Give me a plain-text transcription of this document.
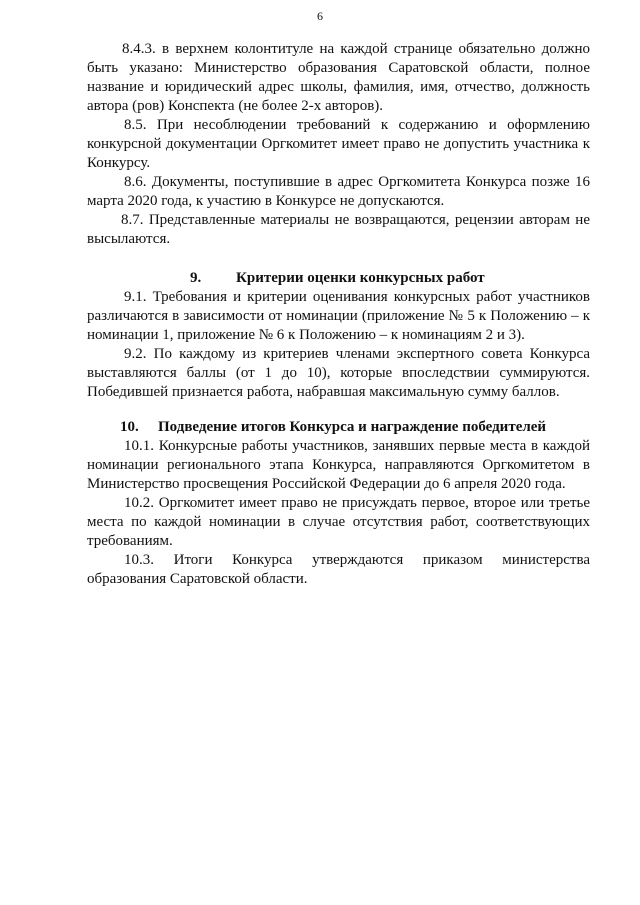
6

8.4.3. в верхнем колонтитуле на каждой странице обязательно должно быть указано: Министерство образования Саратовской области, полное название и юридический адрес школы, фамилия, имя, отчество, должность автора (ров) Конспекта (не более 2-х авторов).

8.5. При несоблюдении требований к содержанию и оформлению конкурсной документации Оргкомитет имеет право не допустить участника к Конкурсу.

8.6. Документы, поступившие в адрес Оргкомитета Конкурса позже 16 марта 2020 года, к участию в Конкурсе не допускаются.

8.7. Представленные материалы не возвращаются, рецензии авторам не высылаются.

9. Критерии оценки конкурсных работ

9.1. Требования и критерии оценивания конкурсных работ участников различаются в зависимости от номинации (приложение № 5 к Положению – к номинации 1, приложение № 6 к Положению – к номинациям 2 и 3).

9.2. По каждому из критериев членами экспертного совета Конкурса выставляются баллы (от 1 до 10), которые впоследствии суммируются. Победившей признается работа, набравшая максимальную сумму баллов.

10. Подведение итогов Конкурса и награждение победителей

10.1. Конкурсные работы участников, занявших первые места в каждой номинации регионального этапа Конкурса, направляются Оргкомитетом в Министерство просвещения Российской Федерации до 6 апреля 2020 года.

10.2. Оргкомитет имеет право не присуждать первое, второе или третье места по каждой номинации в случае отсутствия работ, соответствующих требованиям.

10.3. Итоги Конкурса утверждаются приказом министерства образования Саратовской области.
